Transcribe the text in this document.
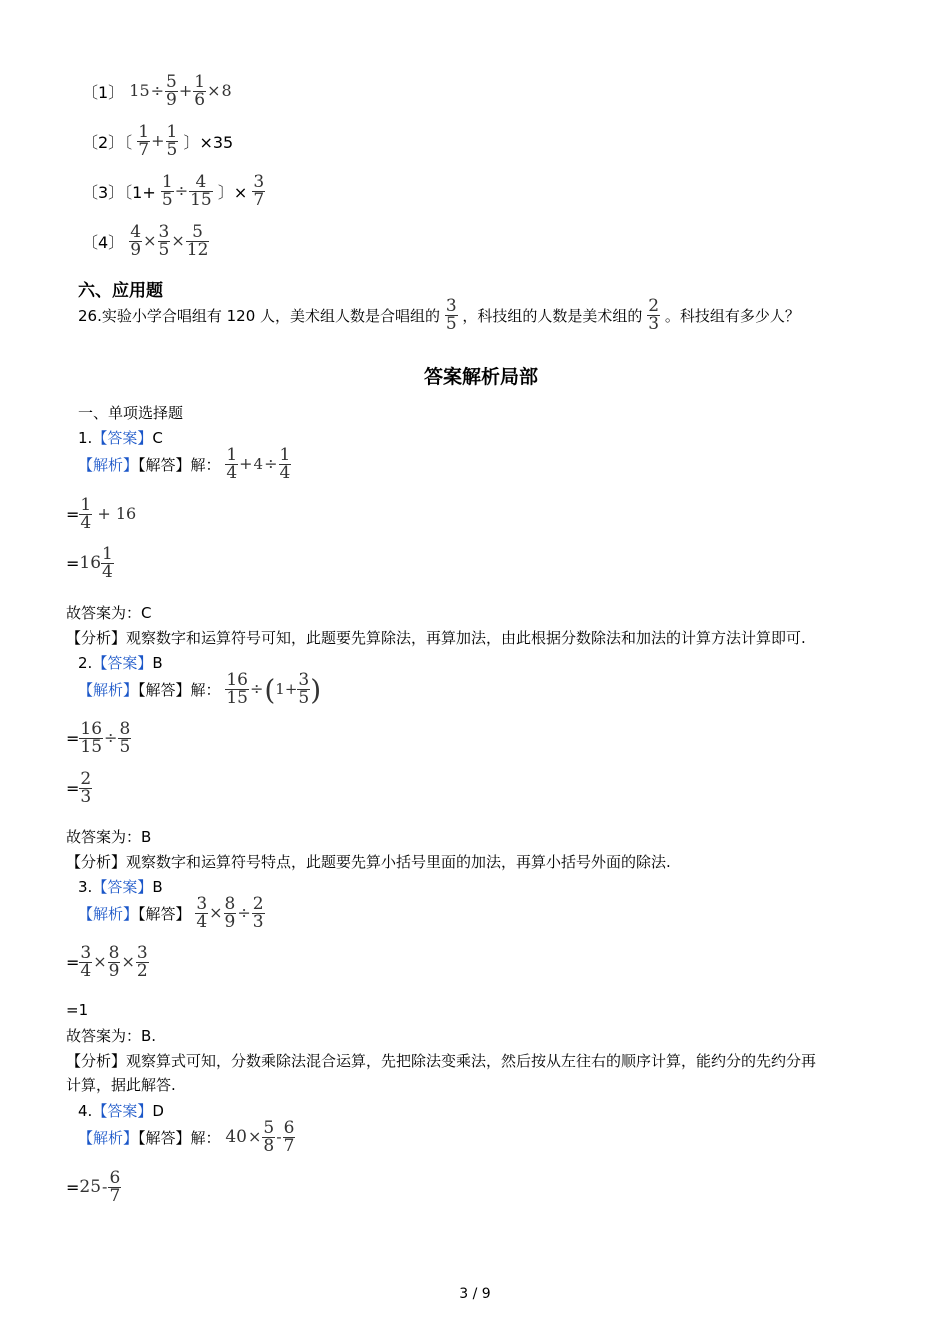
〔1〕 $15\div \frac{5}{9} + \frac{1}{6} \times 8$
〔2〕〔 $\frac{1}{7} + \frac{1}{5}$ 〕×35
〔3〕〔$1+ \frac{1}{5} \div \frac{4}{15}$ 〕× $\frac{3}{7}$
〔4〕 $\frac{4}{9} \times \frac{3}{5} \times \frac{5}{12}$
六、应用题
26.实验小学合唱组有 120 人，美术组人数是合唱组的 $\frac{3}{5}$ ，科技组的人数是美术组的 $\frac{2}{3}$ 。科技组有多少人？
答案解析局部
一、单项选择题
1.【答案】C
【解析】【解答】解： $\frac{1}{4} +4\div \frac{1}{4}$
= $\frac{1}{4} + 16$
$=16 \frac{1}{4}$
故答案为：C
【分析】观察数字和运算符号可知，此题要先算除法，再算加法，由此根据分数除法和加法的计算方法计算即可.
2.【答案】B
【解析】【解答】解： $\frac{16}{15} \div(1+ \frac{3}{5}$ )
= $\frac{16}{15} \div \frac{8}{5}$
= $\frac{2}{3}$
故答案为：B
【分析】观察数字和运算符号特点，此题要先算小括号里面的加法，再算小括号外面的除法.
3.【答案】B
【解析】【解答】 $\frac{3}{4} \times \frac{8}{9} \div \frac{2}{3}$
= $\frac{3}{4} \times \frac{8}{9} \times \frac{3}{2}$
=1
故答案为：B.
【分析】观察算式可知，分数乘除法混合运算，先把除法变乘法，然后按从左往右的顺序计算，能约分的先约分再
计算，据此解答.
4.【答案】D
【解析】【解答】解： $40\times \frac{5}{8} - \frac{6}{7}$
$=25- \frac{6}{7}$
3 / 9
